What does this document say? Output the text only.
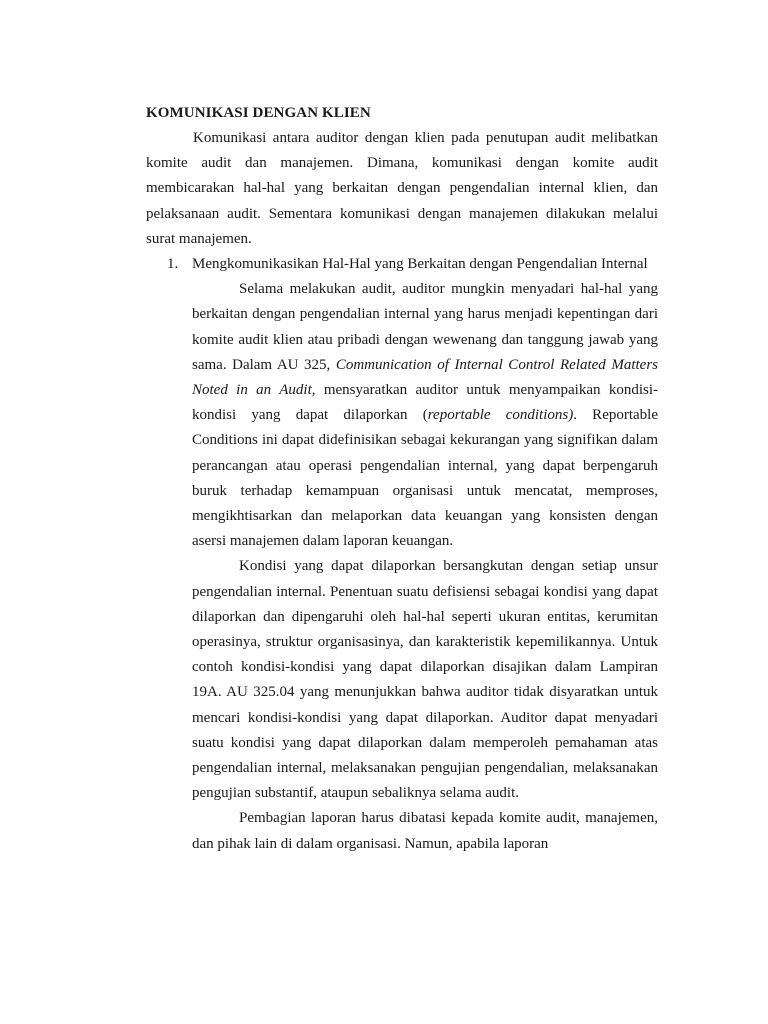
KOMUNIKASI DENGAN KLIEN

Komunikasi antara auditor dengan klien pada penutupan audit melibatkan komite audit dan manajemen. Dimana, komunikasi dengan komite audit membicarakan hal-hal yang berkaitan dengan pengendalian internal klien, dan pelaksanaan audit. Sementara komunikasi dengan manajemen dilakukan melalui surat manajemen.

1. Mengkomunikasikan Hal-Hal yang Berkaitan dengan Pengendalian Internal

Selama melakukan audit, auditor mungkin menyadari hal-hal yang berkaitan dengan pengendalian internal yang harus menjadi kepentingan dari komite audit klien atau pribadi dengan wewenang dan tanggung jawab yang sama. Dalam AU 325, Communication of Internal Control Related Matters Noted in an Audit, mensyaratkan auditor untuk menyampaikan kondisi-kondisi yang dapat dilaporkan (reportable conditions). Reportable Conditions ini dapat didefinisikan sebagai kekurangan yang signifikan dalam perancangan atau operasi pengendalian internal, yang dapat berpengaruh buruk terhadap kemampuan organisasi untuk mencatat, memproses, mengikhtisarkan dan melaporkan data keuangan yang konsisten dengan asersi manajemen dalam laporan keuangan.

Kondisi yang dapat dilaporkan bersangkutan dengan setiap unsur pengendalian internal. Penentuan suatu defisiensi sebagai kondisi yang dapat dilaporkan dan dipengaruhi oleh hal-hal seperti ukuran entitas, kerumitan operasinya, struktur organisasinya, dan karakteristik kepemilikannya. Untuk contoh kondisi-kondisi yang dapat dilaporkan disajikan dalam Lampiran 19A. AU 325.04 yang menunjukkan bahwa auditor tidak disyaratkan untuk mencari kondisi-kondisi yang dapat dilaporkan. Auditor dapat menyadari suatu kondisi yang dapat dilaporkan dalam memperoleh pemahaman atas pengendalian internal, melaksanakan pengujian pengendalian, melaksanakan pengujian substantif, ataupun sebaliknya selama audit.

Pembagian laporan harus dibatasi kepada komite audit, manajemen, dan pihak lain di dalam organisasi. Namun, apabila laporan
